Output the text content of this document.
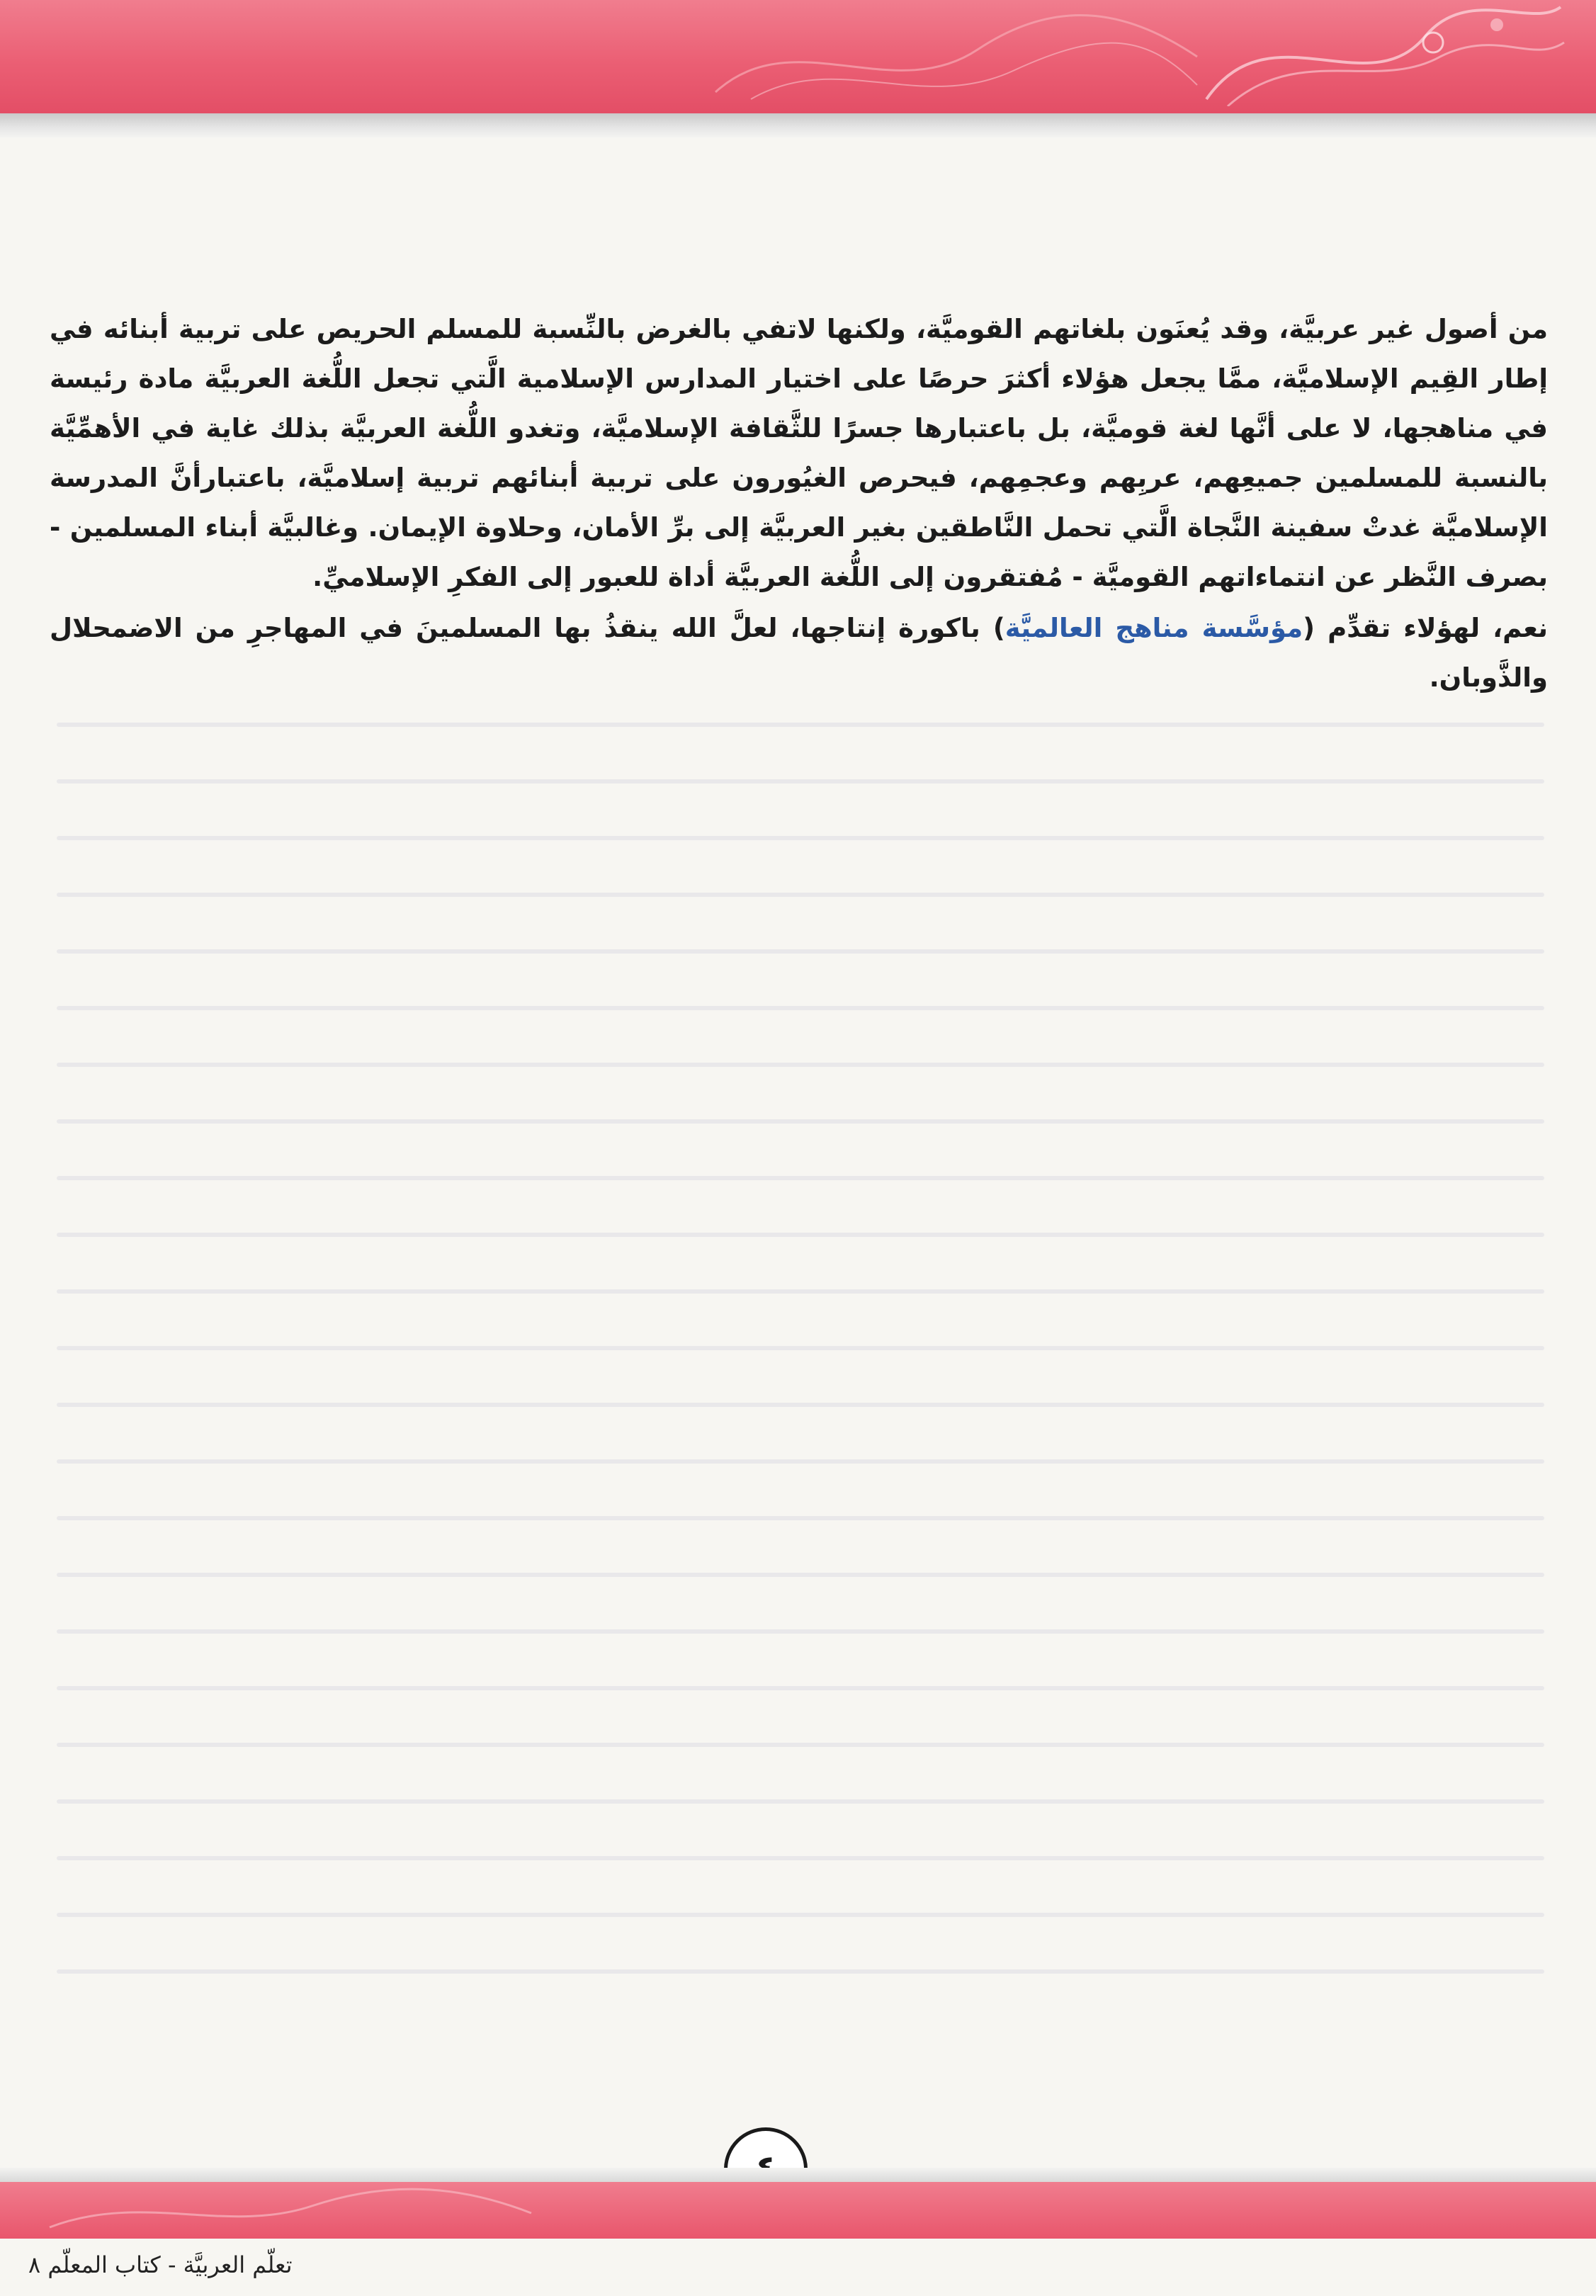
من أصول غير عربيَّة، وقد يُعنَون بلغاتهم القوميَّة، ولكنها لاتفي بالغرض بالنِّسبة للمسلم الحريص على تربية أبنائه في إطار القِيم الإسلاميَّة، ممَّا يجعل هؤلاء أكثرَ حرصًا على اختيار المدارس الإسلامية الَّتي تجعل اللُّغة العربيَّة مادة رئيسة في مناهجها، لا على أنَّها لغة قوميَّة، بل باعتبارها جسرًا للثَّقافة الإسلاميَّة، وتغدو اللُّغة العربيَّة بذلك غاية في الأهمِّيَّة بالنسبة للمسلمين جميعِهم، عربِهم وعجمِهم، فيحرص الغيُورون على تربية أبنائهم تربية إسلاميَّة، باعتبارأنَّ المدرسة الإسلاميَّة غدتْ سفينة النَّجاة الَّتي تحمل النَّاطقين بغير العربيَّة إلى برِّ الأمان، وحلاوة الإيمان. وغالبيَّة أبناء المسلمين - بصرف النَّظر عن انتماءاتهم القوميَّة - مُفتقرون إلى اللُّغة العربيَّة أداة للعبور إلى الفكرِ الإسلاميِّ.

نعم، لهؤلاء تقدِّم (مؤسَّسة مناهج العالميَّة) باكورة إنتاجها، لعلَّ الله ينقذُ بها المسلمينَ في المهاجرِ من الاضمحلال والذَّوبان.

تعلّم العربيَّة - كتاب المعلّم ٨
